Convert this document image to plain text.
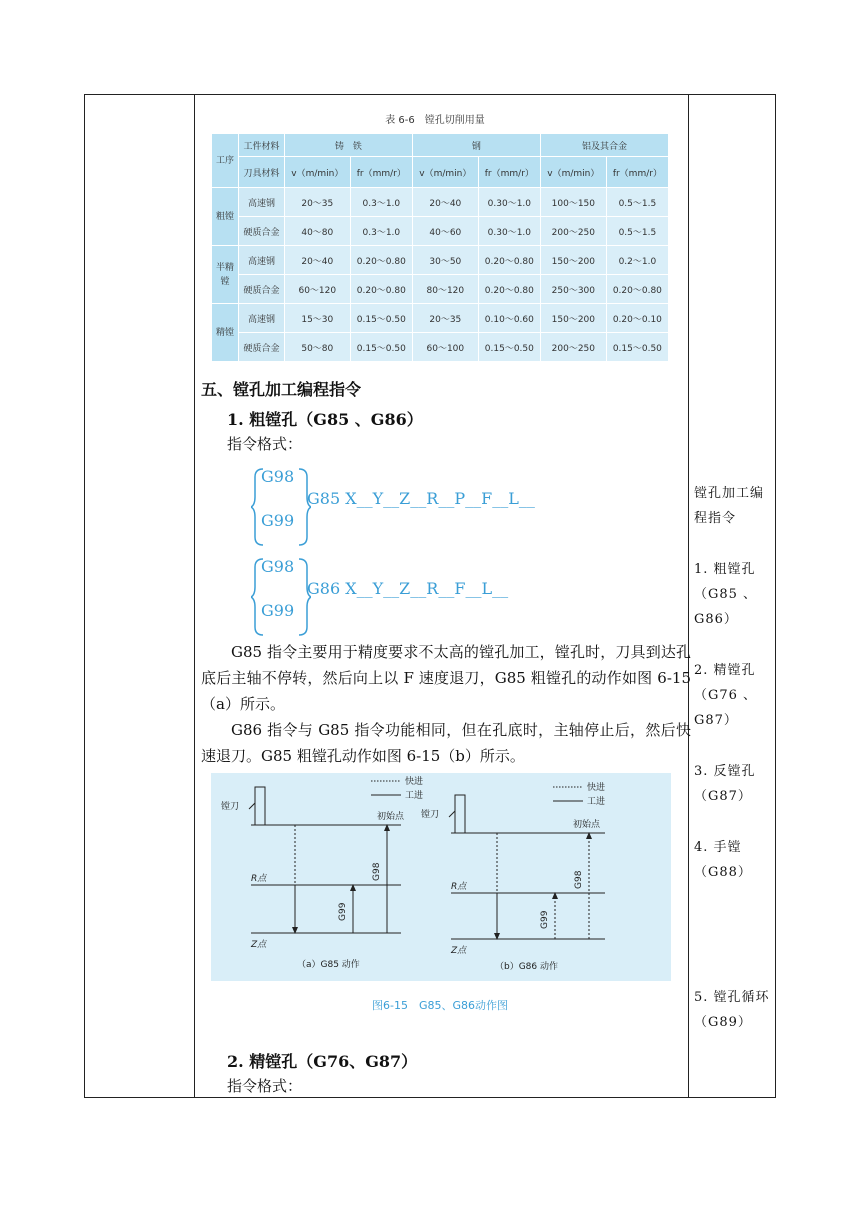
表 6-6　镗孔切削用量
工序	工件材料	铸　铁		钢		铝及其合金	
	刀具材料	v（m/min）	fr（mm/r）	v（m/min）	fr（mm/r）	v（m/min）	fr（mm/r）
粗镗	高速钢	20～35	0.3～1.0	20～40	0.30～1.0	100～150	0.5～1.5
	硬质合金	40～80	0.3～1.0	40～60	0.30～1.0	200～250	0.5～1.5
半精镗	高速钢	20～40	0.20～0.80	30～50	0.20～0.80	150～200	0.2～1.0
	硬质合金	60～120	0.20～0.80	80～120	0.20～0.80	250～300	0.20～0.80
精镗	高速钢	15～30	0.15～0.50	20～35	0.10～0.60	150～200	0.20～0.10
	硬质合金	50～80	0.15～0.50	60～100	0.15～0.50	200～250	0.15～0.50
五、镗孔加工编程指令
1. 粗镗孔（G85 、G86）
指令格式：
G98
G99
G85 X__Y__Z__R__P__F__L__
G98
G99
G86 X__Y__Z__R__F__L__
G85 指令主要用于精度要求不太高的镗孔加工，镗孔时，刀具到达孔底后主轴不停转，然后向上以 F 速度退刀，G85 粗镗孔的动作如图 6-15（a）所示。
G86 指令与 G85 指令功能相同，但在孔底时，主轴停止后，然后快速退刀。G85 粗镗孔动作如图 6-15（b）所示。
快进
工进
镗刀
初始点
R点	G98
G99
Z点
（a）G85 动作
快进
工进
镗刀
初始点
R点	G98
G99
Z点
（b）G86 动作
图6-15　G85、G86动作图
2. 精镗孔（G76、G87）
指令格式：

镗孔加工编程指令

1. 粗镗孔（G85 、G86）

2. 精镗孔（G76 、G87）

3. 反镗孔（G87）

4. 手镗（G88）

5. 镗孔循环（G89）
